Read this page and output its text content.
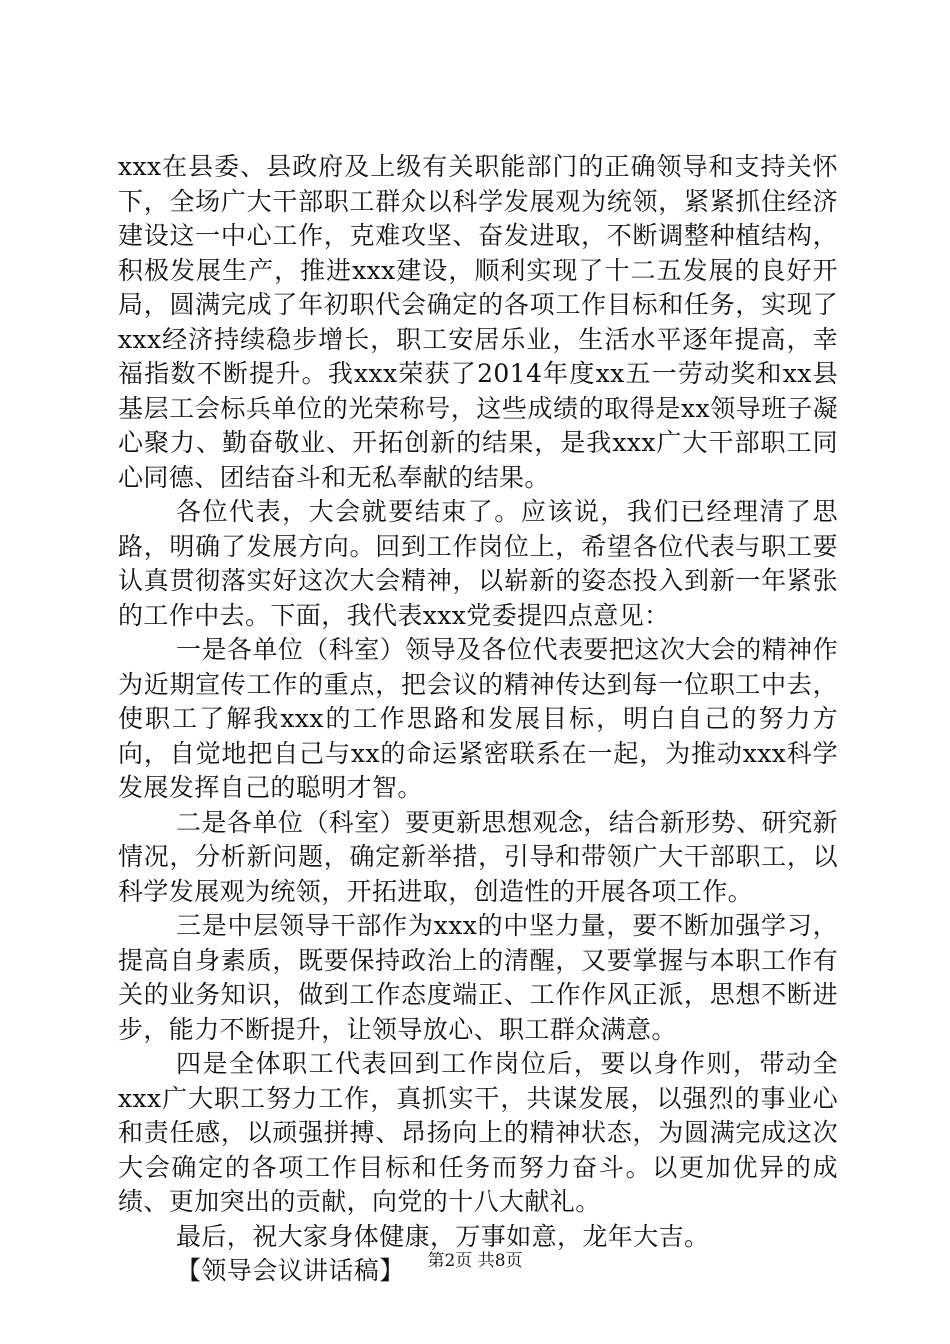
xxx在县委、县政府及上级有关职能部门的正确领导和支持关怀下，全场广大干部职工群众以科学发展观为统领，紧紧抓住经济建设这一中心工作，克难攻坚、奋发进取，不断调整种植结构，积极发展生产，推进xxx建设，顺利实现了十二五发展的良好开局，圆满完成了年初职代会确定的各项工作目标和任务，实现了xxx经济持续稳步增长，职工安居乐业，生活水平逐年提高，幸福指数不断提升。我xxx荣获了2014年度xx五一劳动奖和xx县基层工会标兵单位的光荣称号，这些成绩的取得是xx领导班子凝心聚力、勤奋敬业、开拓创新的结果，是我xxx广大干部职工同心同德、团结奋斗和无私奉献的结果。

各位代表，大会就要结束了。应该说，我们已经理清了思路，明确了发展方向。回到工作岗位上，希望各位代表与职工要认真贯彻落实好这次大会精神，以崭新的姿态投入到新一年紧张的工作中去。下面，我代表xxx党委提四点意见：

一是各单位（科室）领导及各位代表要把这次大会的精神作为近期宣传工作的重点，把会议的精神传达到每一位职工中去，使职工了解我xxx的工作思路和发展目标，明白自己的努力方向，自觉地把自己与xx的命运紧密联系在一起，为推动xxx科学发展发挥自己的聪明才智。

二是各单位（科室）要更新思想观念，结合新形势、研究新情况，分析新问题，确定新举措，引导和带领广大干部职工，以科学发展观为统领，开拓进取，创造性的开展各项工作。

三是中层领导干部作为xxx的中坚力量，要不断加强学习，提高自身素质，既要保持政治上的清醒，又要掌握与本职工作有关的业务知识，做到工作态度端正、工作作风正派，思想不断进步，能力不断提升，让领导放心、职工群众满意。

四是全体职工代表回到工作岗位后，要以身作则，带动全xxx广大职工努力工作，真抓实干，共谋发展，以强烈的事业心和责任感，以顽强拼搏、昂扬向上的精神状态，为圆满完成这次大会确定的各项工作目标和任务而努力奋斗。以更加优异的成绩、更加突出的贡献，向党的十八大献礼。

最后，祝大家身体健康，万事如意，龙年大吉。

【领导会议讲话稿】	第2页 共8页
